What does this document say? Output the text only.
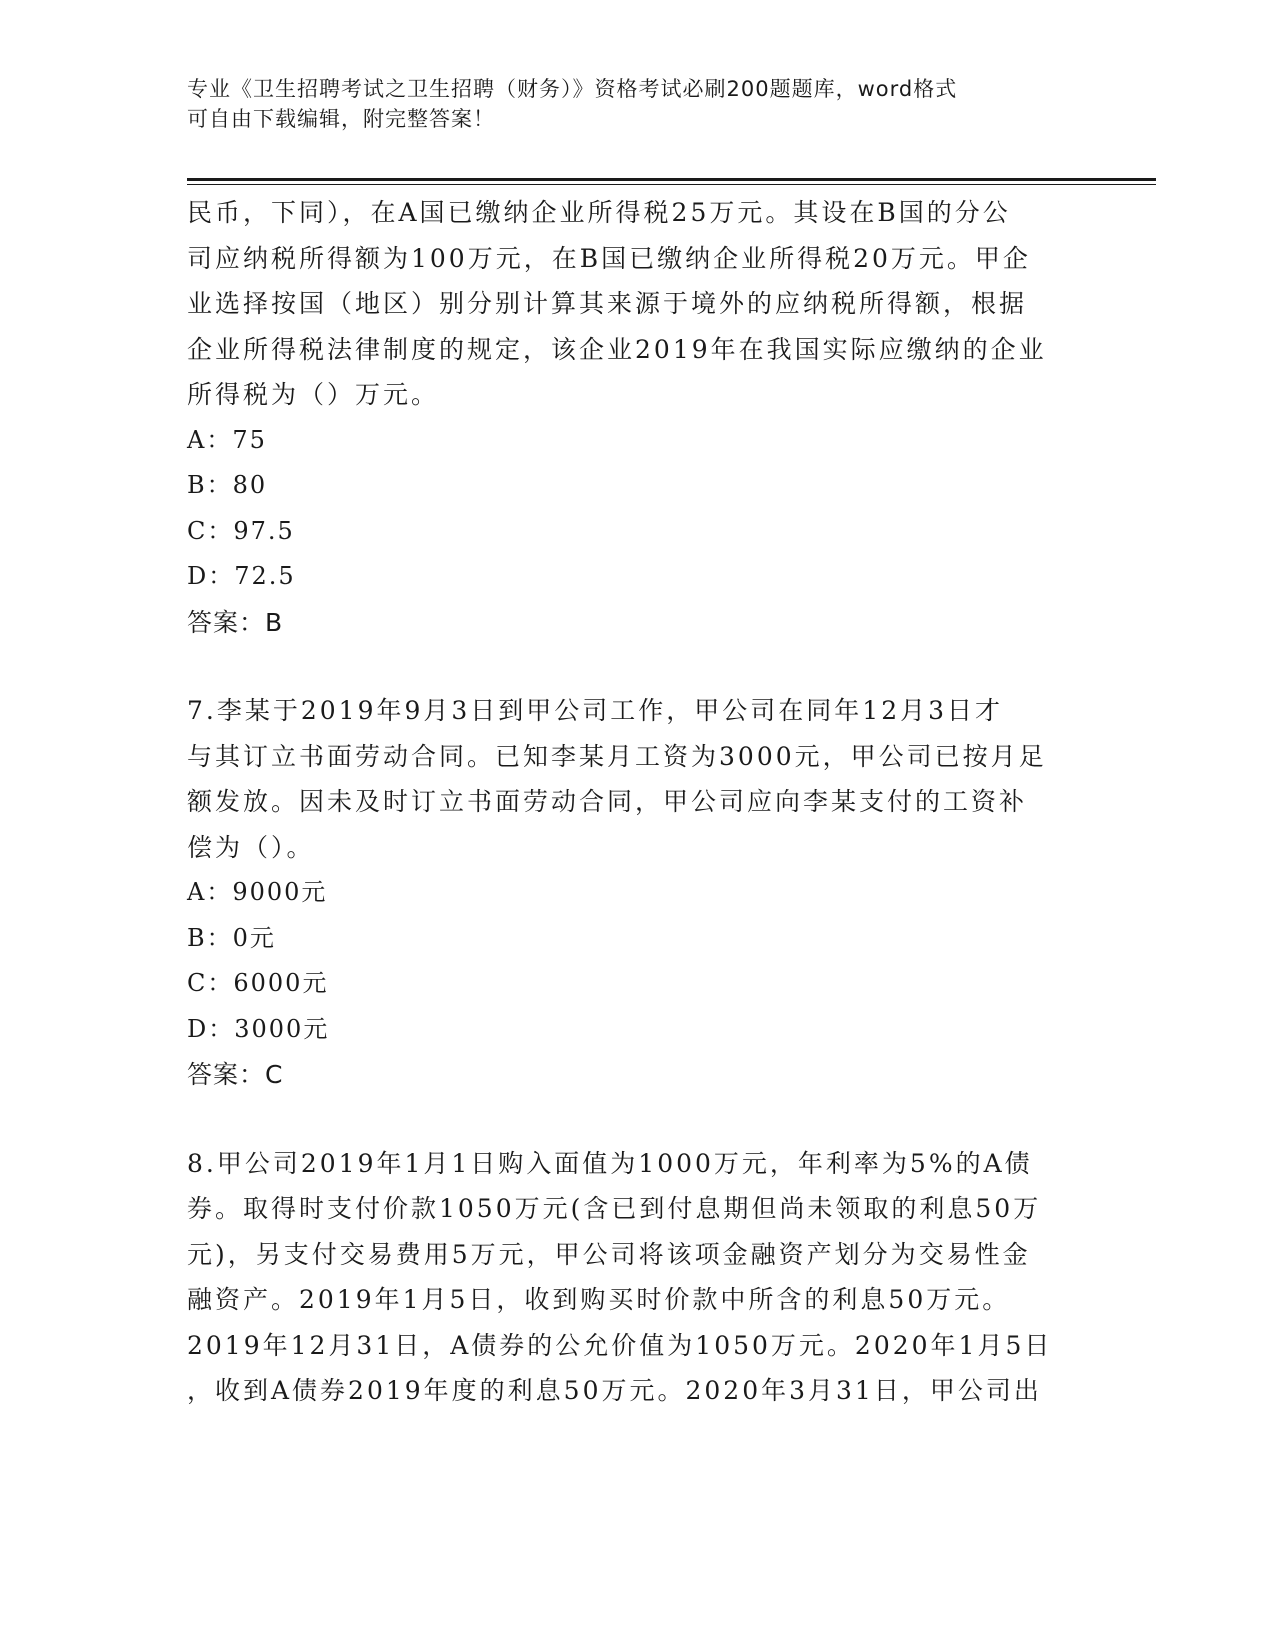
专业《卫生招聘考试之卫生招聘（财务）》资格考试必刷200题题库，word格式
可自由下载编辑，附完整答案！
民币，下同），在A国已缴纳企业所得税25万元。其设在B国的分公
司应纳税所得额为100万元，在B国已缴纳企业所得税20万元。甲企
业选择按国（地区）别分别计算其来源于境外的应纳税所得额，根据
企业所得税法律制度的规定，该企业2019年在我国实际应缴纳的企业
所得税为（）万元。
A：75
B：80
C：97.5
D：72.5
答案：B
7.李某于2019年9月3日到甲公司工作，甲公司在同年12月3日才
与其订立书面劳动合同。已知李某月工资为3000元，甲公司已按月足
额发放。因未及时订立书面劳动合同，甲公司应向李某支付的工资补
偿为（）。
A：9000元
B：0元
C：6000元
D：3000元
答案：C
8.甲公司2019年1月1日购入面值为1000万元，年利率为5%的A债
券。取得时支付价款1050万元(含已到付息期但尚未领取的利息50万
元)，另支付交易费用5万元，甲公司将该项金融资产划分为交易性金
融资产。2019年1月5日，收到购买时价款中所含的利息50万元。
2019年12月31日，A债券的公允价值为1050万元。2020年1月5日
，收到A债券2019年度的利息50万元。2020年3月31日，甲公司出
